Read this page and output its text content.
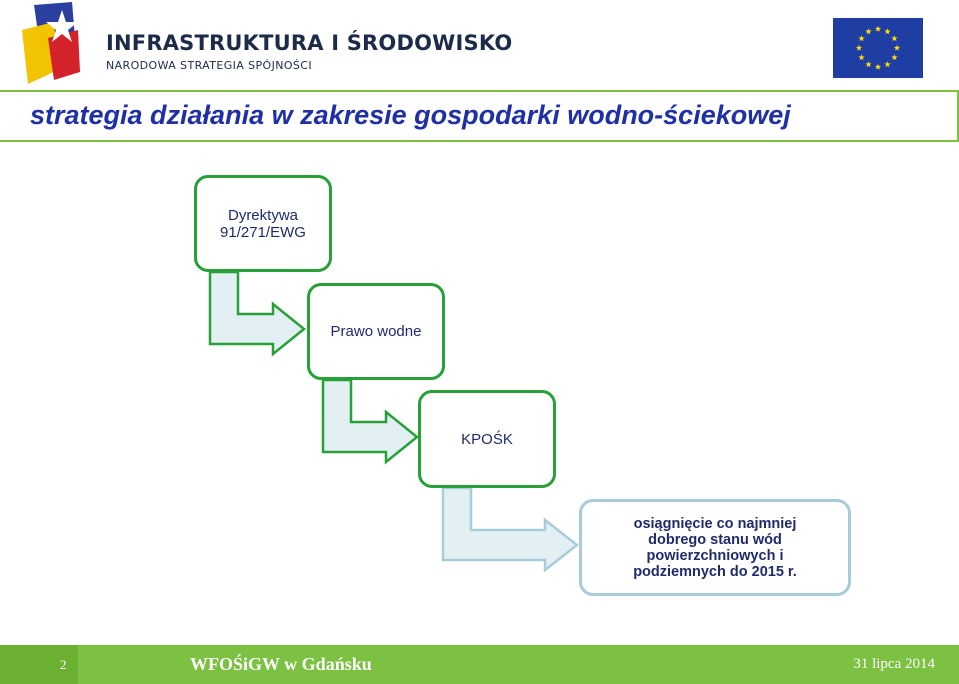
INFRASTRUKTURA I ŚRODOWISKO
NARODOWA STRATEGIA SPÓJNOŚCI
strategia działania w zakresie gospodarki wodno-ściekowej
Dyrektywa
91/271/EWG
Prawo wodne
KPOŚK
osiągnięcie co najmniej dobrego stanu wód powierzchniowych i podziemnych do 2015 r.
2	WFOŚiGW w Gdańsku	31 lipca 2014
